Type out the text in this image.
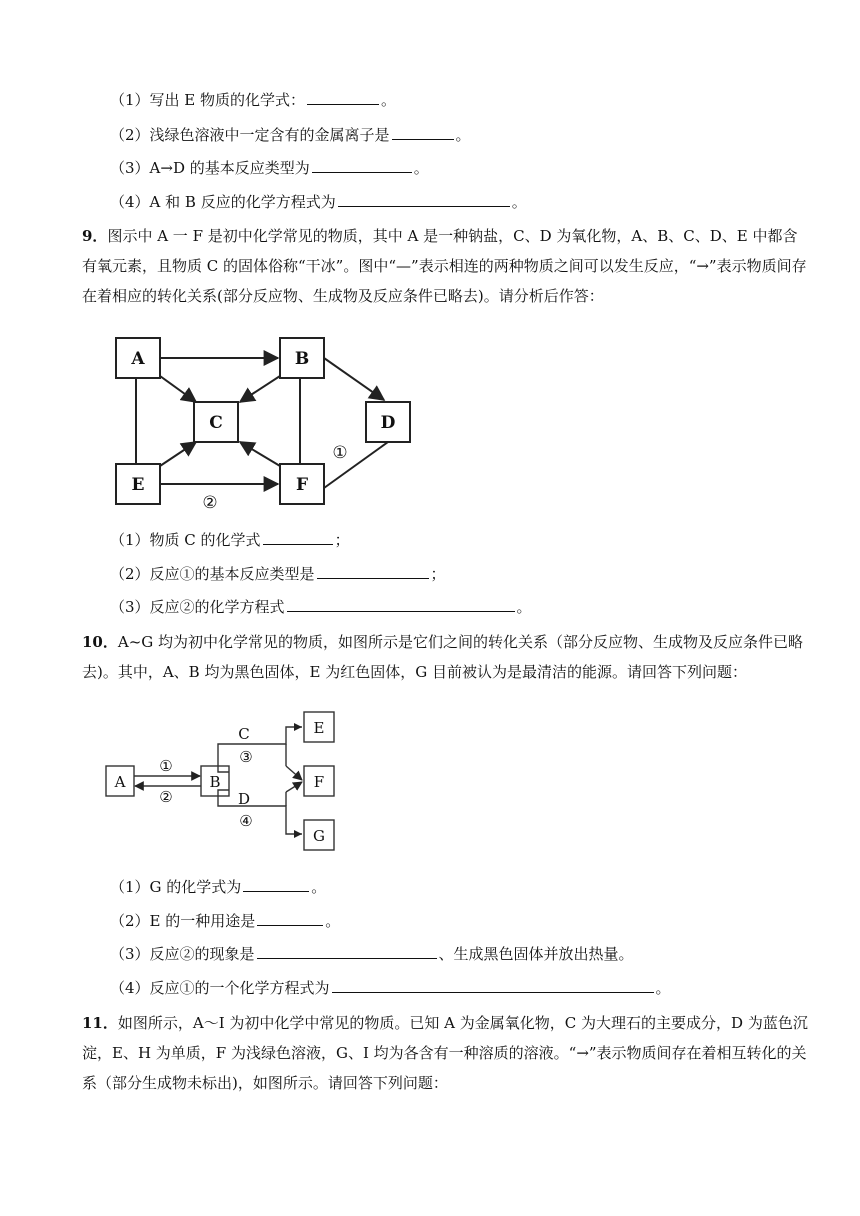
（1）写出 E 物质的化学式：	。
（2）浅绿色溶液中一定含有的金属离子是	。
（3）A→D 的基本反应类型为	。
（4）A 和 B 反应的化学方程式为	。
9．图示中 A 一 F 是初中化学常见的物质，其中 A 是一种钠盐，C、D 为氧化物，A、B、C、D、E 中都含有氧元素，且物质 C 的固体俗称“干冰”。图中“—”表示相连的两种物质之间可以发生反应，“→”表示物质间存在着相应的转化关系(部分反应物、生成物及反应条件已略去)。请分析后作答：
A	B
C	D
E	F
①
②
（1）物质 C 的化学式	；
（2）反应①的基本反应类型是	；
（3）反应②的化学方程式	。
10．A~G 均为初中化学常见的物质，如图所示是它们之间的转化关系（部分反应物、生成物及反应条件已略去)。其中，A、B 均为黑色固体，E 为红色固体，G 目前被认为是最清洁的能源。请回答下列问题：
A	B
E
F
G
C
D
①
②
③
④
（1）G 的化学式为	。
（2）E 的一种用途是	。
（3）反应②的现象是	、生成黑色固体并放出热量。
（4）反应①的一个化学方程式为	。
11．如图所示，A～I 为初中化学中常见的物质。已知 A 为金属氧化物，C 为大理石的主要成分，D 为蓝色沉淀，E、H 为单质，F 为浅绿色溶液，G、I 均为各含有一种溶质的溶液。“→”表示物质间存在着相互转化的关系（部分生成物未标出)，如图所示。请回答下列问题：
